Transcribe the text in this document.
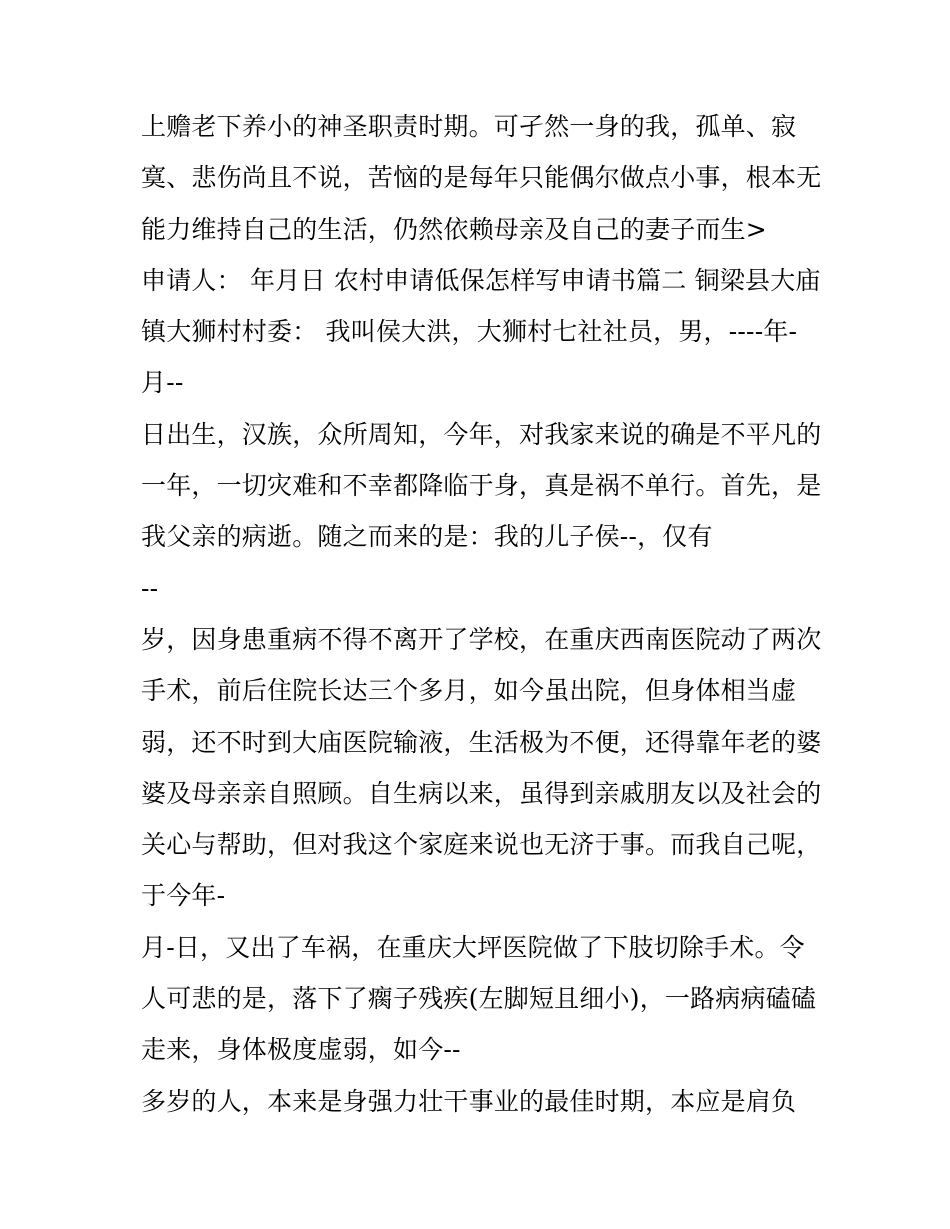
上赡老下养小的神圣职责时期。可孑然一身的我，孤单、寂
寞、悲伤尚且不说，苦恼的是每年只能偶尔做点小事，根本无
能力维持自己的生活，仍然依赖母亲及自己的妻子而生>
申请人： 年月日 农村申请低保怎样写申请书篇二 铜梁县大庙
镇大狮村村委： 我叫侯大洪，大狮村七社社员，男，----年-
月--
日出生，汉族，众所周知，今年，对我家来说的确是不平凡的
一年，一切灾难和不幸都降临于身，真是祸不单行。首先，是
我父亲的病逝。随之而来的是：我的儿子侯--，仅有
--
岁，因身患重病不得不离开了学校，在重庆西南医院动了两次
手术，前后住院长达三个多月，如今虽出院，但身体相当虚
弱，还不时到大庙医院输液，生活极为不便，还得靠年老的婆
婆及母亲亲自照顾。自生病以来，虽得到亲戚朋友以及社会的
关心与帮助，但对我这个家庭来说也无济于事。而我自己呢，
于今年-
月-日，又出了车祸，在重庆大坪医院做了下肢切除手术。令
人可悲的是，落下了瘸子残疾(左脚短且细小)，一路病病磕磕
走来，身体极度虚弱，如今--
多岁的人，本来是身强力壮干事业的最佳时期，本应是肩负
